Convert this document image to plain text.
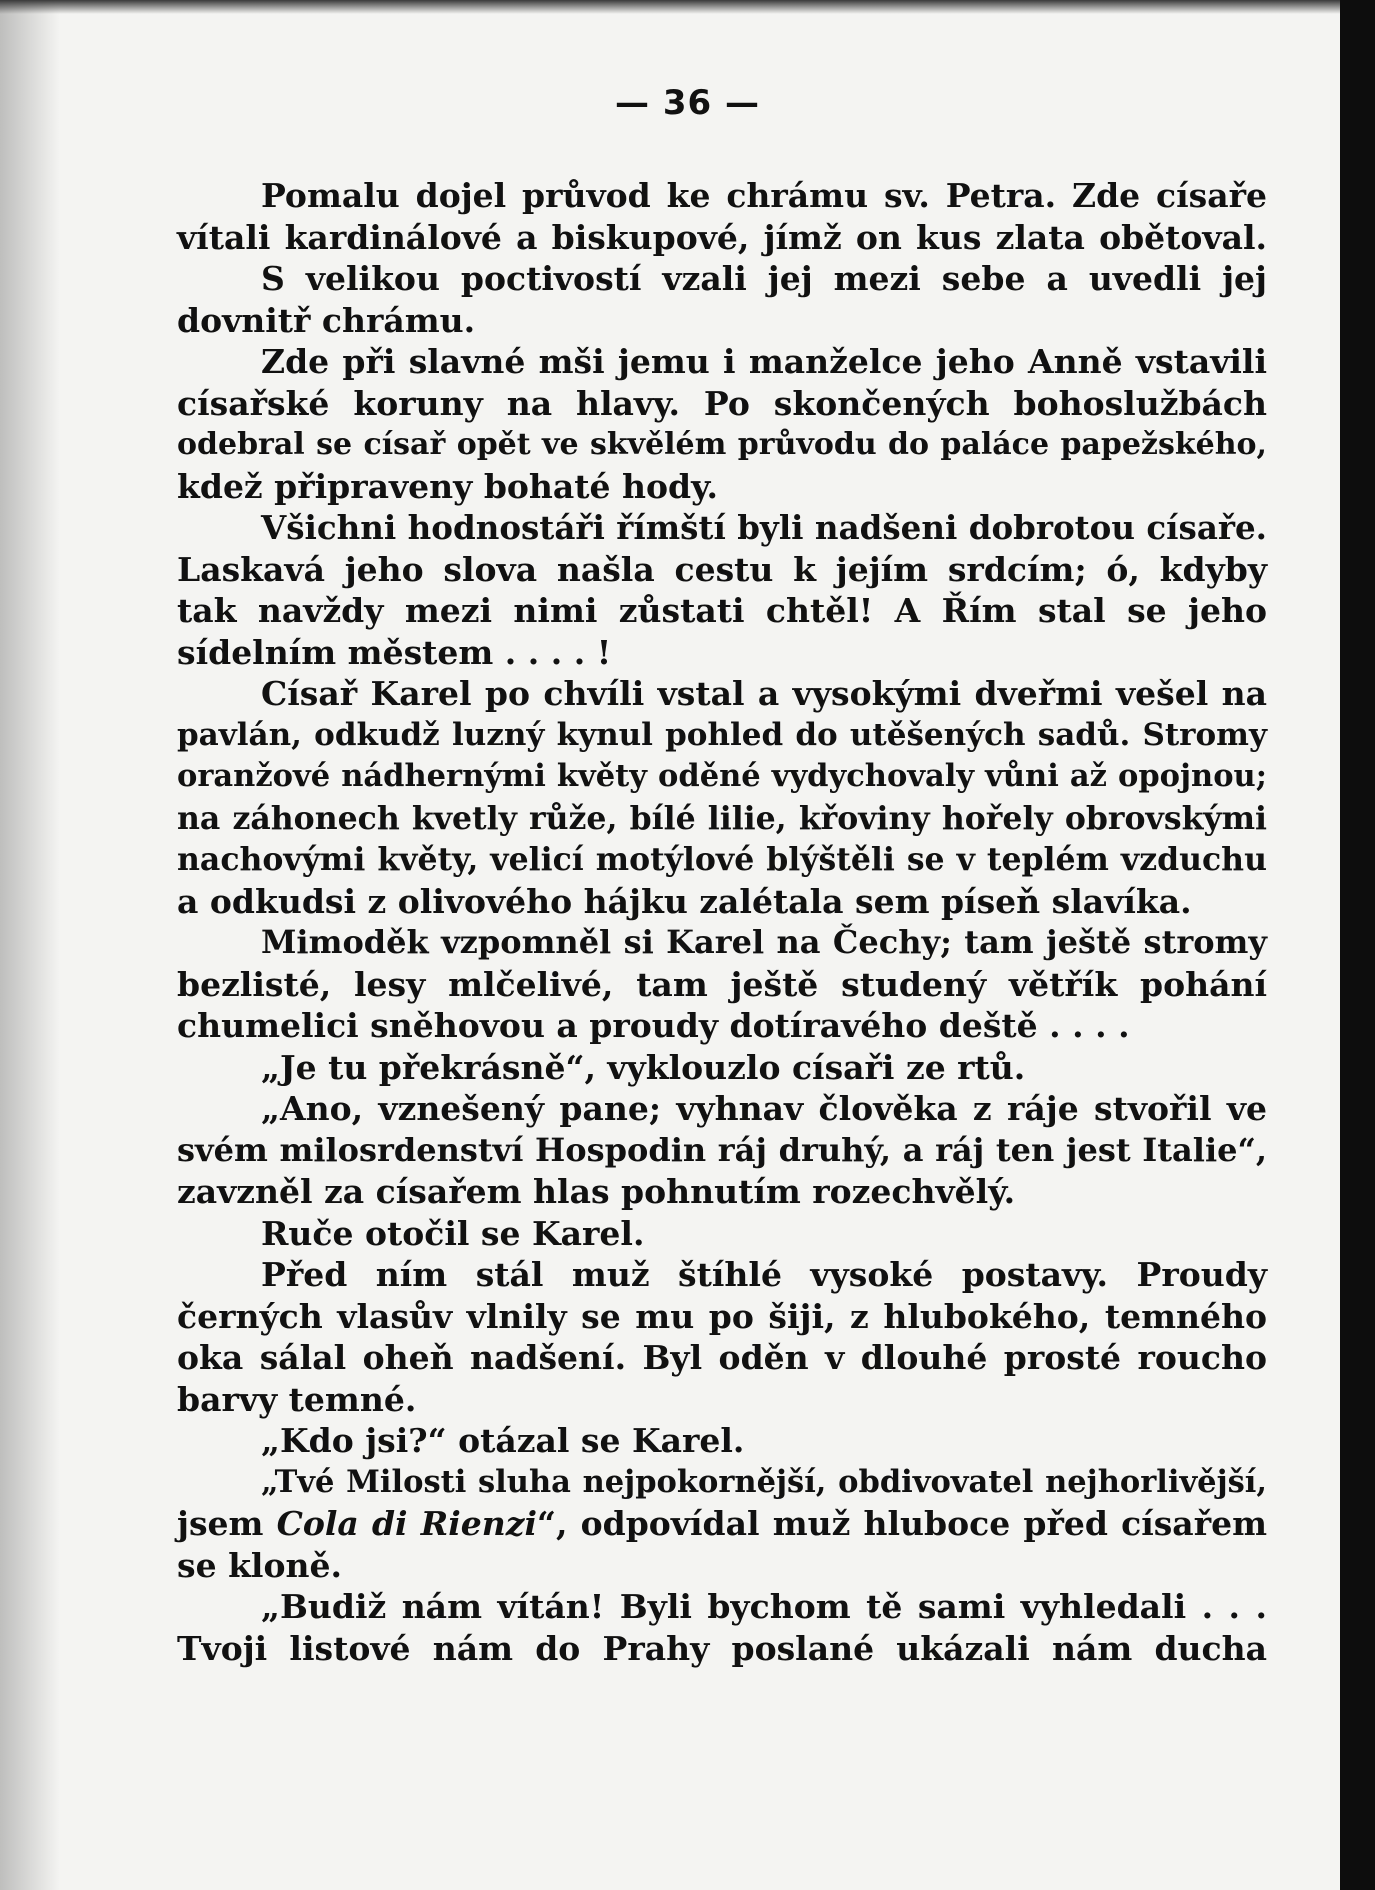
— 36 —
Pomalu dojel průvod ke chrámu sv. Petra. Zde císaře
vítali kardinálové a biskupové, jímž on kus zlata obětoval.
S velikou poctivostí vzali jej mezi sebe a uvedli jej
dovnitř chrámu.
Zde při slavné mši jemu i manželce jeho Anně vstavili
císařské koruny na hlavy. Po skončených bohoslužbách
odebral se císař opět ve skvělém průvodu do paláce papežského,
kdež připraveny bohaté hody.
Všichni hodnostáři římští byli nadšeni dobrotou císaře.
Laskavá jeho slova našla cestu k jejím srdcím; ó, kdyby
tak navždy mezi nimi zůstati chtěl! A Řím stal se jeho
sídelním městem . . . . !
Císař Karel po chvíli vstal a vysokými dveřmi vešel na
pavlán, odkudž luzný kynul pohled do utěšených sadů. Stromy
oranžové nádhernými květy oděné vydychovaly vůni až opojnou;
na záhonech kvetly růže, bílé lilie, křoviny hořely obrovskými
nachovými květy, velicí motýlové blýštěli se v teplém vzduchu
a odkudsi z olivového hájku zalétala sem píseň slavíka.
Mimoděk vzpomněl si Karel na Čechy; tam ještě stromy
bezlisté, lesy mlčelivé, tam ještě studený větřík pohání
chumelici sněhovou a proudy dotíravého deště . . . .
„Je tu překrásně“, vyklouzlo císaři ze rtů.
„Ano, vznešený pane; vyhnav člověka z ráje stvořil ve
svém milosrdenství Hospodin ráj druhý, a ráj ten jest Italie“,
zavzněl za císařem hlas pohnutím rozechvělý.
Ruče otočil se Karel.
Před ním stál muž štíhlé vysoké postavy. Proudy
černých vlasův vlnily se mu po šiji, z hlubokého, temného
oka sálal oheň nadšení. Byl oděn v dlouhé prosté roucho
barvy temné.
„Kdo jsi?“ otázal se Karel.
„Tvé Milosti sluha nejpokornější, obdivovatel nejhorlivější,
jsem Cola di Rienzi“, odpovídal muž hluboce před císařem
se kloně.
„Budiž nám vítán! Byli bychom tě sami vyhledali . . .
Tvoji listové nám do Prahy poslané ukázali nám ducha
